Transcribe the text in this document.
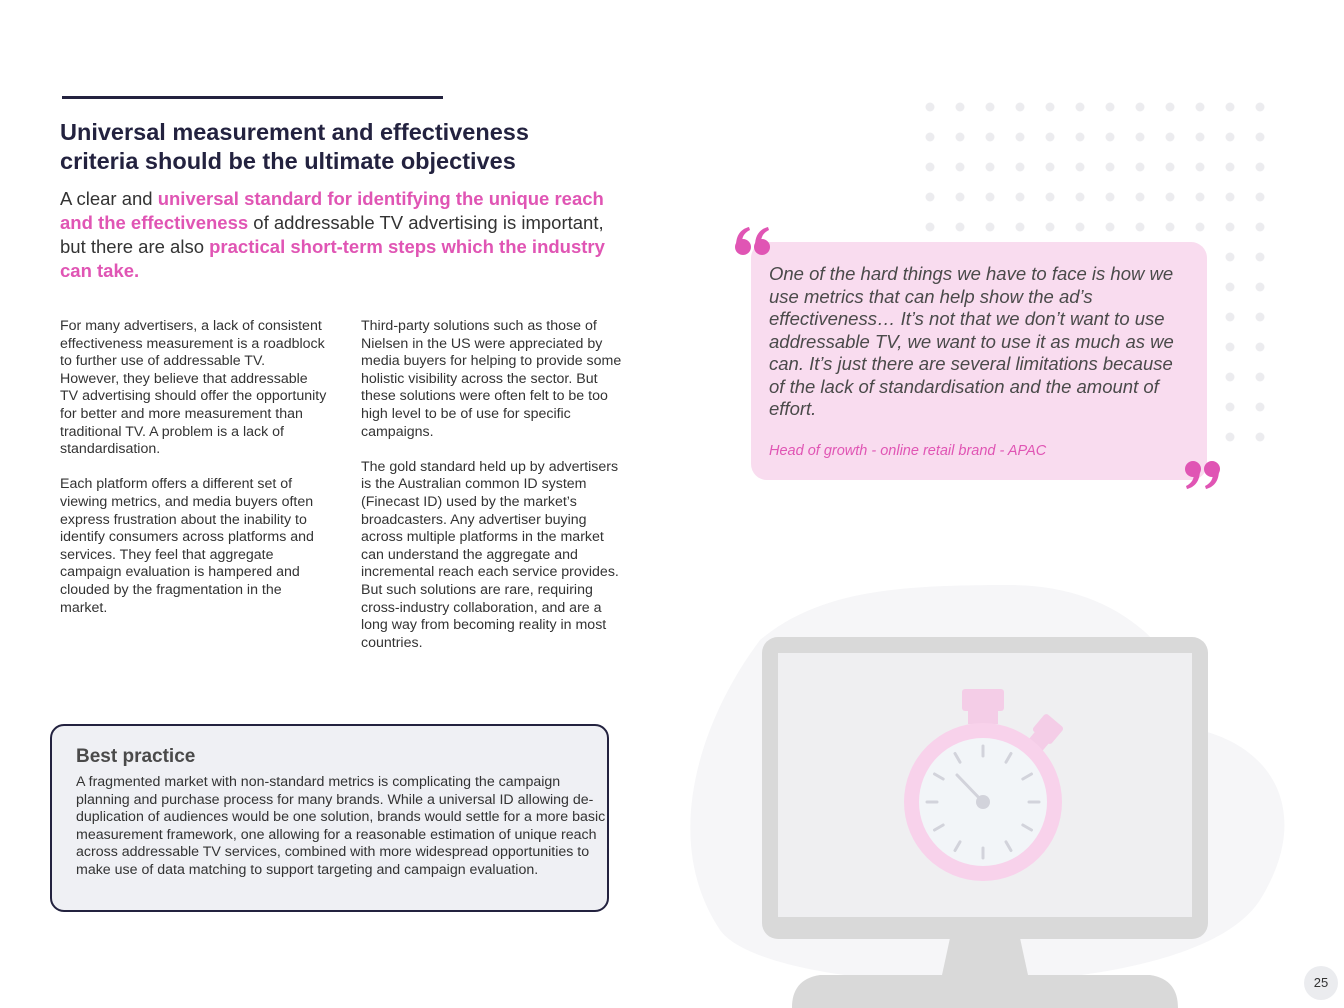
Universal measurement and effectiveness
criteria should be the ultimate objectives

A clear and universal standard for identifying the unique reach and the effectiveness of addressable TV advertising is important, but there are also practical short-term steps which the industry can take.

For many advertisers, a lack of consistent effectiveness measurement is a roadblock to further use of addressable TV. However, they believe that addressable TV advertising should offer the opportunity for better and more measurement than traditional TV. A problem is a lack of standardisation.

Each platform offers a different set of viewing metrics, and media buyers often express frustration about the inability to identify consumers across platforms and services. They feel that aggregate campaign evaluation is hampered and clouded by the fragmentation in the market.

Third-party solutions such as those of Nielsen in the US were appreciated by media buyers for helping to provide some holistic visibility across the sector. But these solutions were often felt to be too high level to be of use for specific campaigns.

The gold standard held up by advertisers is the Australian common ID system (Finecast ID) used by the market’s broadcasters. Any advertiser buying across multiple platforms in the market can understand the aggregate and incremental reach each service provides. But such solutions are rare, requiring cross-industry collaboration, and are a long way from becoming reality in most countries.

Best practice

A fragmented market with non-standard metrics is complicating the campaign planning and purchase process for many brands. While a universal ID allowing de-duplication of audiences would be one solution, brands would settle for a more basic measurement framework, one allowing for a reasonable estimation of unique reach across addressable TV services, combined with more widespread opportunities to make use of data matching to support targeting and campaign evaluation.

One of the hard things we have to face is how we use metrics that can help show the ad’s effectiveness… It’s not that we don’t want to use addressable TV, we want to use it as much as we can. It’s just there are several limitations because of the lack of standardisation and the amount of effort.

Head of growth - online retail brand - APAC

25
